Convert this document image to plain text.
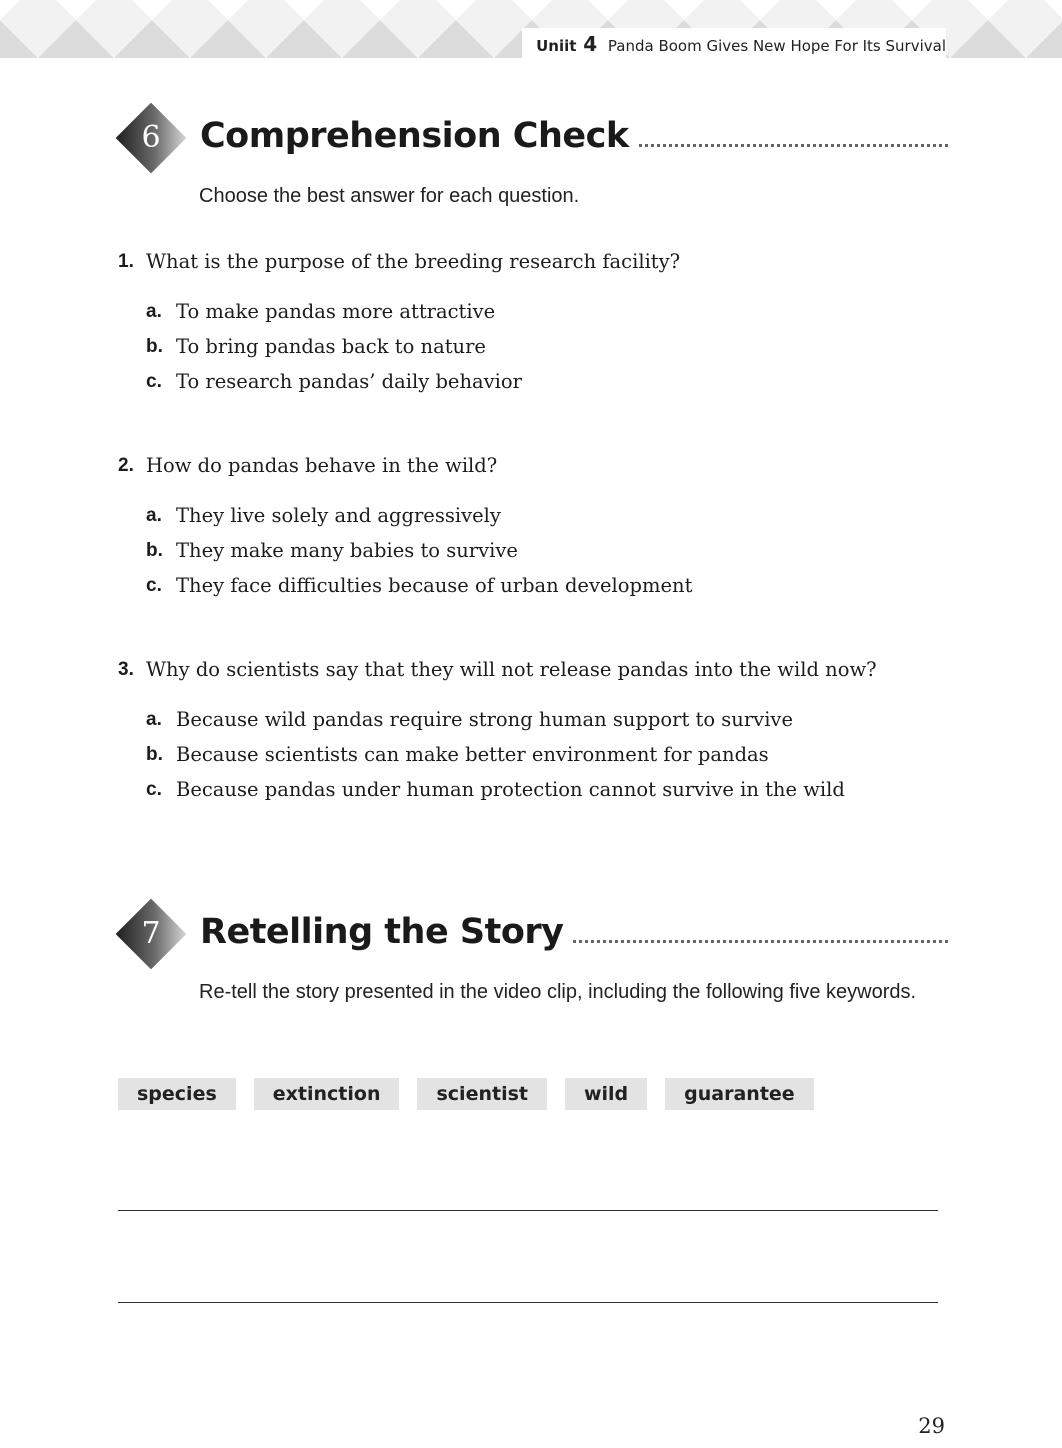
Uniit 4 Panda Boom Gives New Hope For Its Survival
6	Comprehension Check
Choose the best answer for each question.
1. What is the purpose of the breeding research facility?
a. To make pandas more attractive
b. To bring pandas back to nature
c. To research pandas’ daily behavior
2. How do pandas behave in the wild?
a. They live solely and aggressively
b. They make many babies to survive
c. They face difficulties because of urban development
3. Why do scientists say that they will not release pandas into the wild now?
a. Because wild pandas require strong human support to survive
b. Because scientists can make better environment for pandas
c. Because pandas under human protection cannot survive in the wild
7	Retelling the Story
Re-tell the story presented in the video clip, including the following five keywords.
species	extinction	scientist	wild	guarantee
29
